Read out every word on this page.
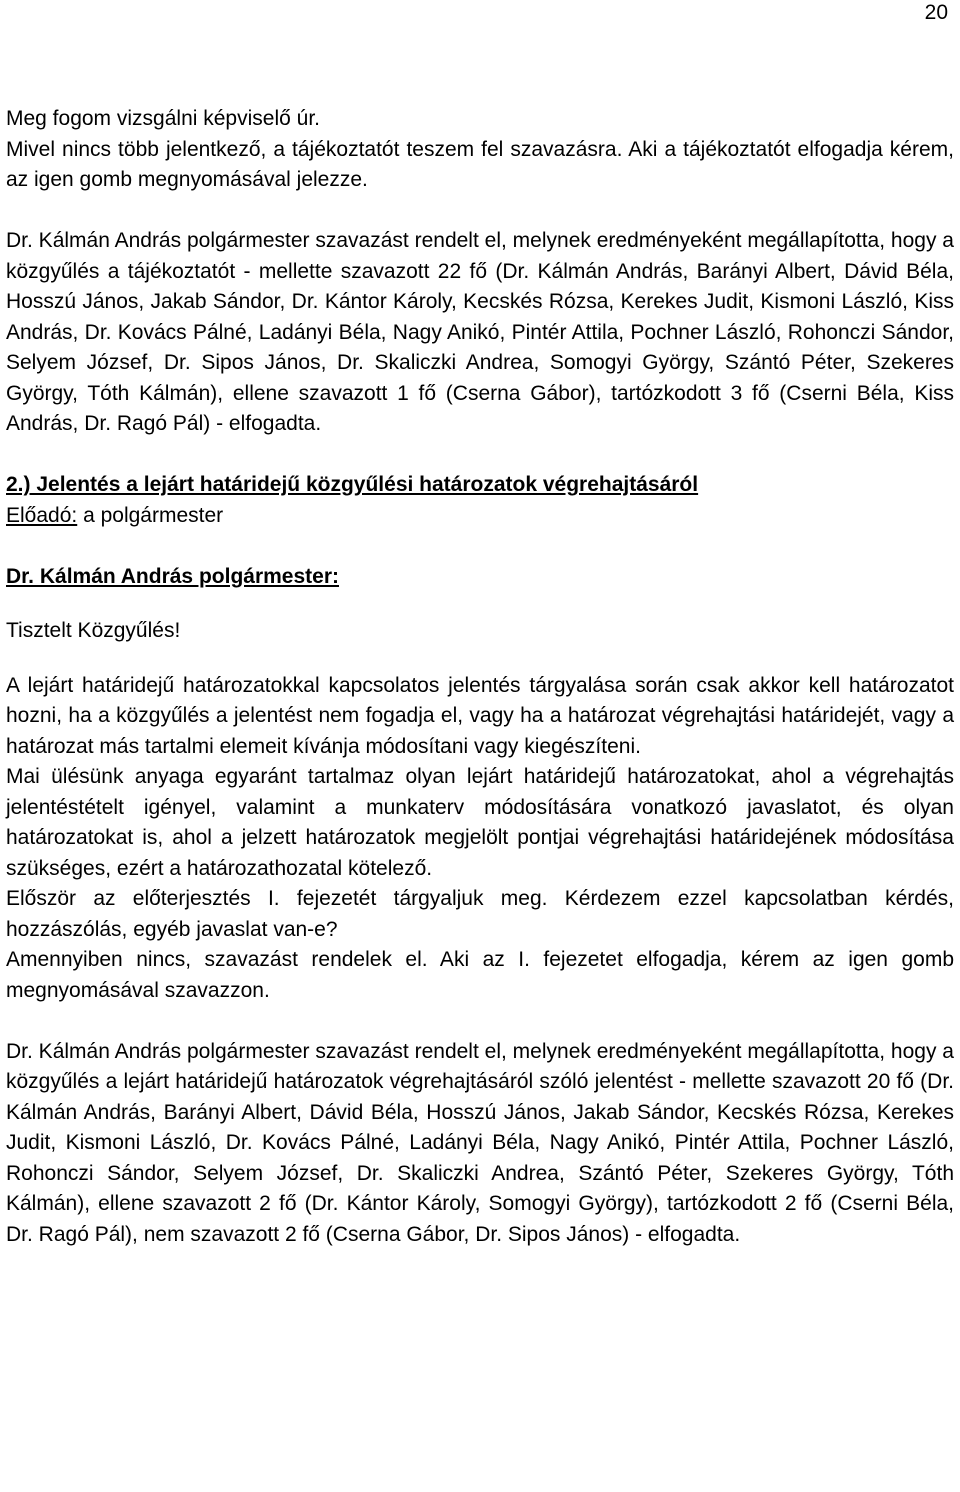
20

Meg fogom vizsgálni képviselő úr.

Mivel nincs több jelentkező, a tájékoztatót teszem fel szavazásra. Aki a tájékoztatót elfogadja kérem, az igen gomb megnyomásával jelezze.

Dr. Kálmán András polgármester szavazást rendelt el, melynek eredményeként megállapította, hogy a közgyűlés a tájékoztatót - mellette szavazott 22 fő (Dr. Kálmán András, Barányi Albert, Dávid Béla, Hosszú János, Jakab Sándor, Dr. Kántor Károly, Kecskés Rózsa, Kerekes Judit, Kismoni László, Kiss András, Dr. Kovács Pálné, Ladányi Béla, Nagy Anikó, Pintér Attila, Pochner László, Rohonczi Sándor, Selyem József, Dr. Sipos János, Dr. Skaliczki Andrea, Somogyi György, Szántó Péter, Szekeres György, Tóth Kálmán), ellene szavazott 1 fő (Cserna Gábor), tartózkodott 3 fő (Cserni Béla, Kiss András, Dr. Ragó Pál) - elfogadta.

2.) Jelentés a lejárt határidejű közgyűlési határozatok végrehajtásáról

Előadó: a polgármester

Dr. Kálmán András polgármester:

Tisztelt Közgyűlés!

A lejárt határidejű határozatokkal kapcsolatos jelentés tárgyalása során csak akkor kell határozatot hozni, ha a közgyűlés a jelentést nem fogadja el, vagy ha a határozat végrehajtási határidejét, vagy a határozat más tartalmi elemeit kívánja módosítani vagy kiegészíteni.

Mai ülésünk anyaga egyaránt tartalmaz olyan lejárt határidejű határozatokat, ahol a végrehajtás jelentéstételt igényel, valamint a munkaterv módosítására vonatkozó javaslatot, és olyan határozatokat is, ahol a jelzett határozatok megjelölt pontjai végrehajtási határidejének módosítása szükséges, ezért a határozathozatal kötelező.

Először az előterjesztés I. fejezetét tárgyaljuk meg. Kérdezem ezzel kapcsolatban kérdés, hozzászólás, egyéb javaslat van-e?

Amennyiben nincs, szavazást rendelek el. Aki az I. fejezetet elfogadja, kérem az igen gomb megnyomásával szavazzon.

Dr. Kálmán András polgármester szavazást rendelt el, melynek eredményeként megállapította, hogy a közgyűlés a lejárt határidejű határozatok végrehajtásáról szóló jelentést - mellette szavazott 20 fő (Dr. Kálmán András, Barányi Albert, Dávid Béla, Hosszú János, Jakab Sándor, Kecskés Rózsa, Kerekes Judit, Kismoni László, Dr. Kovács Pálné, Ladányi Béla, Nagy Anikó, Pintér Attila, Pochner László, Rohonczi Sándor, Selyem József, Dr. Skaliczki Andrea, Szántó Péter, Szekeres György, Tóth Kálmán), ellene szavazott 2 fő (Dr. Kántor Károly, Somogyi György), tartózkodott 2 fő (Cserni Béla, Dr. Ragó Pál), nem szavazott 2 fő (Cserna Gábor, Dr. Sipos János) - elfogadta.
